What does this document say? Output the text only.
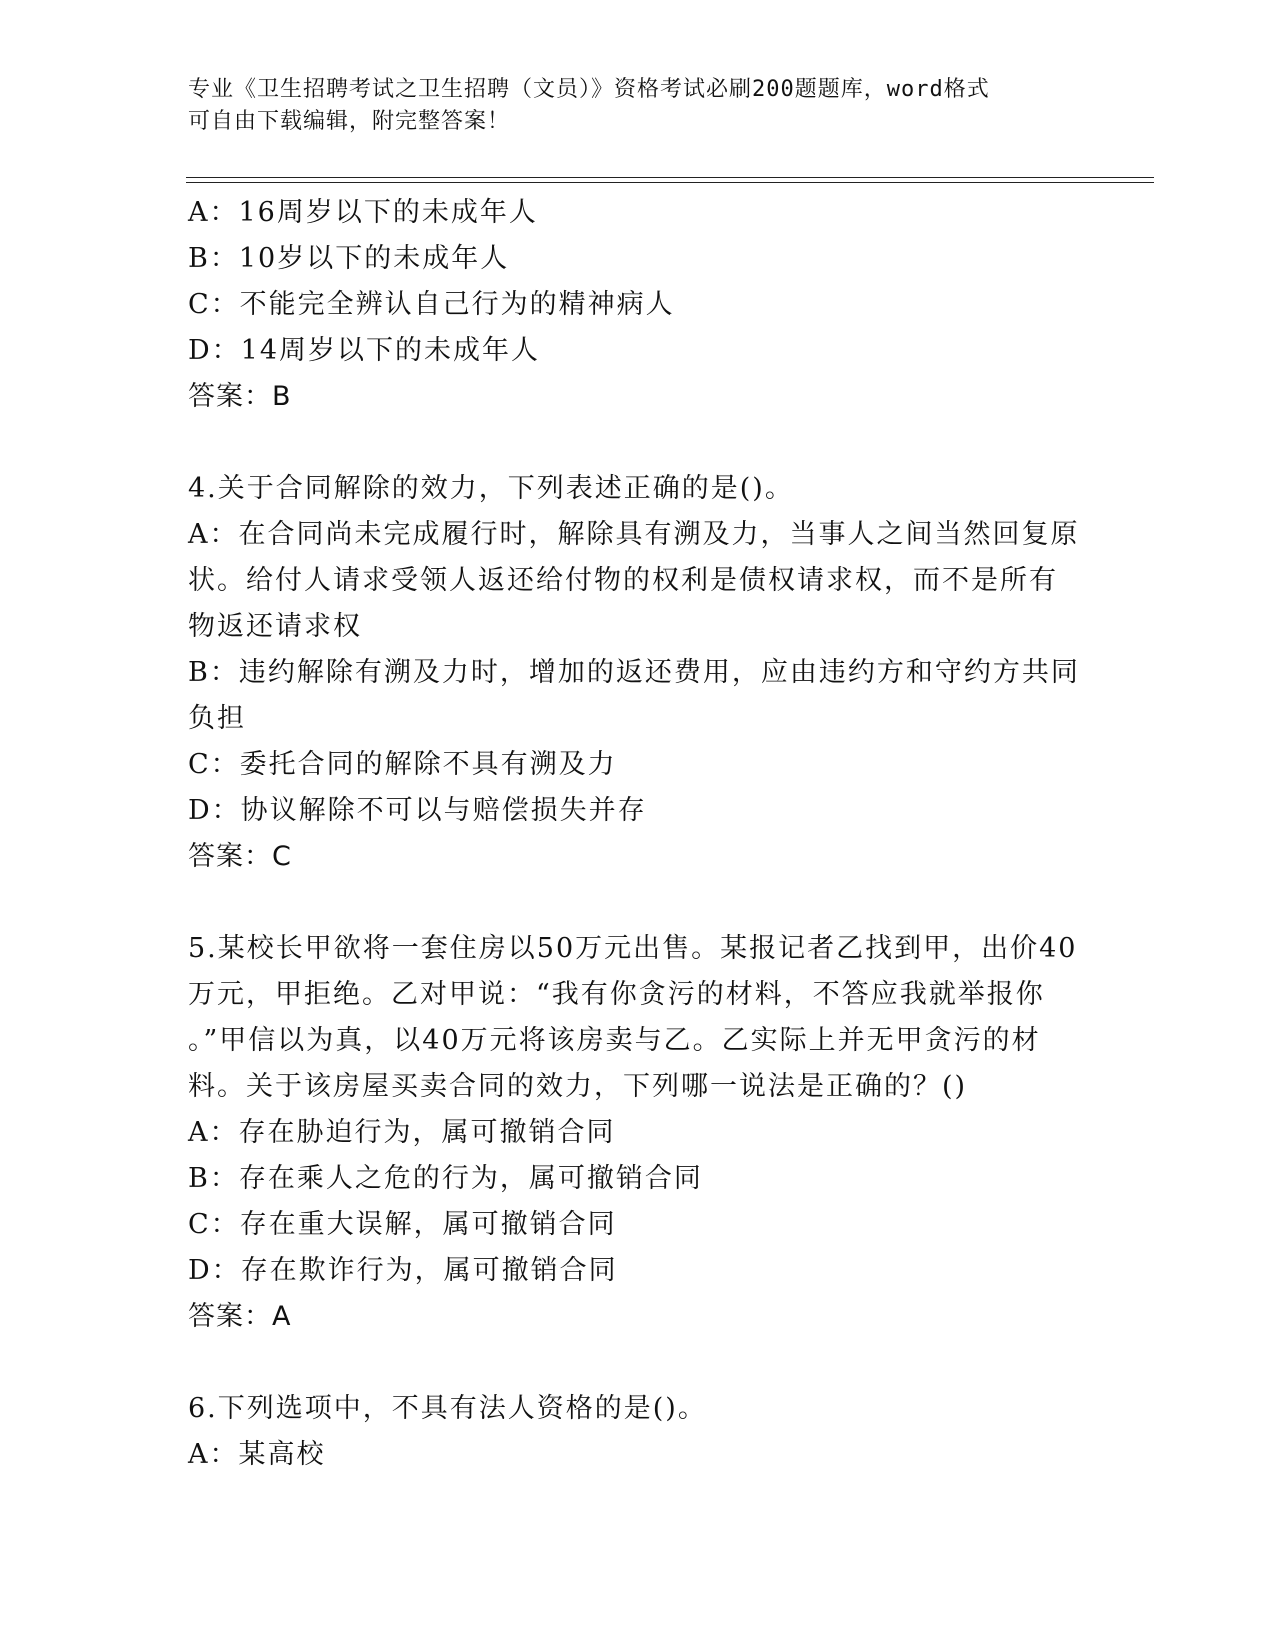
专业《卫生招聘考试之卫生招聘（文员）》资格考试必刷200题题库，word格式
可自由下载编辑，附完整答案！
A：16周岁以下的未成年人
B：10岁以下的未成年人
C：不能完全辨认自己行为的精神病人
D：14周岁以下的未成年人
答案：B
4.关于合同解除的效力，下列表述正确的是()。
A：在合同尚未完成履行时，解除具有溯及力，当事人之间当然回复原
状。给付人请求受领人返还给付物的权利是债权请求权，而不是所有
物返还请求权
B：违约解除有溯及力时，增加的返还费用，应由违约方和守约方共同
负担
C：委托合同的解除不具有溯及力
D：协议解除不可以与赔偿损失并存
答案：C
5.某校长甲欲将一套住房以50万元出售。某报记者乙找到甲，出价40
万元，甲拒绝。乙对甲说：“我有你贪污的材料，不答应我就举报你
。”甲信以为真，以40万元将该房卖与乙。乙实际上并无甲贪污的材
料。关于该房屋买卖合同的效力，下列哪一说法是正确的？()
A：存在胁迫行为，属可撤销合同
B：存在乘人之危的行为，属可撤销合同
C：存在重大误解，属可撤销合同
D：存在欺诈行为，属可撤销合同
答案：A
6.下列选项中，不具有法人资格的是()。
A：某高校
